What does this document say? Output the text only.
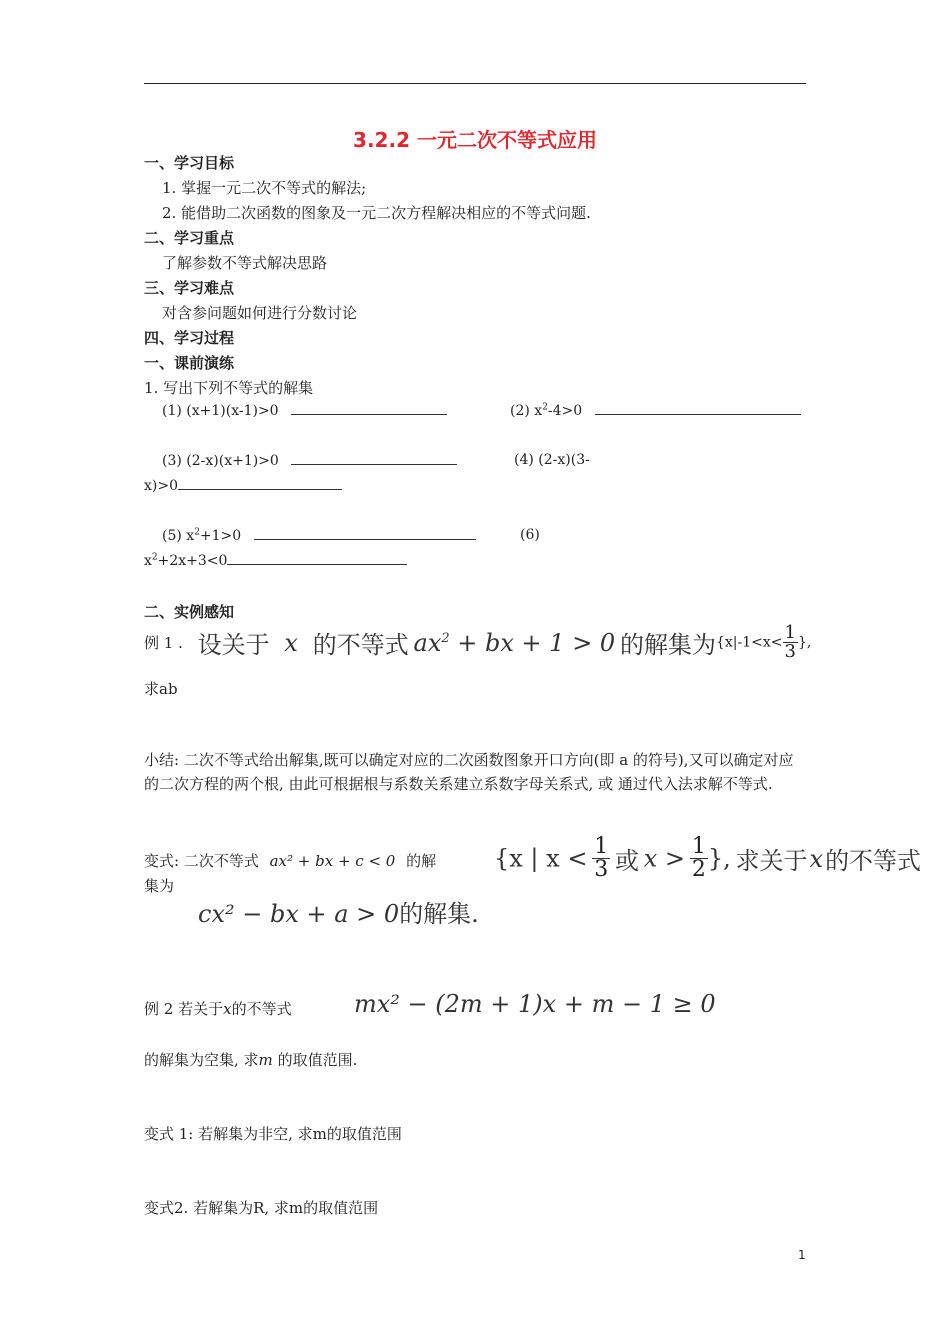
3.2.2 一元二次不等式应用
一、学习目标
1. 掌握一元二次不等式的解法;
2. 能借助二次函数的图象及一元二次方程解决相应的不等式问题.
二、学习重点
了解参数不等式解决思路
三、学习难点
对含参问题如何进行分数讨论
四、学习过程
一、课前演练
1. 写出下列不等式的解集
(1) (x+1)(x-1)>0	(2) $x^2-4>0$
(3) (2-x)(x+1)>0	(4) (2-x)(3-
x)>0
(5) $x^2+1>0$	(6)
$x^2+2x+3<0$
二、实例感知
例 1 . 设关于 x 的不等式 $ax^2$ + bx + 1 > 0 的解集为{$x|-1<x< \frac{1}{3}$ },
求ab
小结: 二次不等式给出解集,既可以确定对应的二次函数图象开口方向(即 a 的符号),又可以确定对应的二次方程的两个根, 由此可根据根与系数关系建立系数字母关系式, 或 通过代入法求解不等式.
变式: 二次不等式 ax² + bx + c < 0 的解
集为
{x | $x < \frac{1}{3}$ 或 $x > \frac{1}{2}$ }, 求关于x的不等式
cx² − bx + a > 0的解集.
例 2 若关于x的不等式	mx² − (2m + 1)x + m − 1 ≥ 0
的解集为空集, 求m 的取值范围.
变式 1: 若解集为非空, 求m的取值范围
变式2. 若解集为R, 求m的取值范围
1
